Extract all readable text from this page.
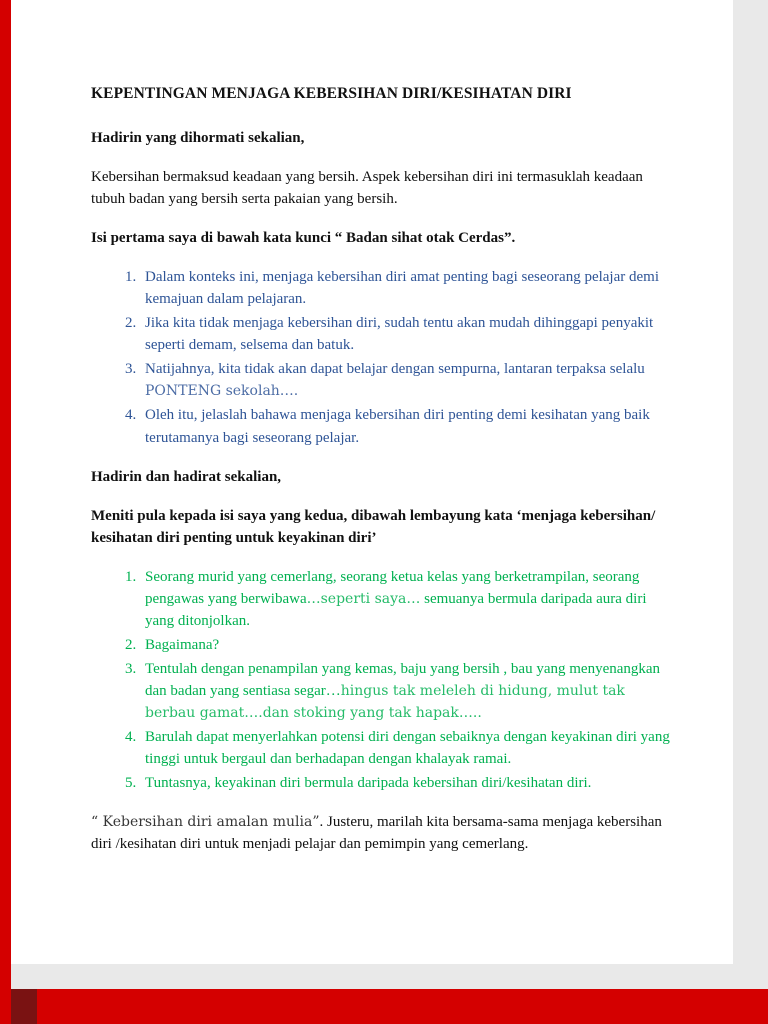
KEPENTINGAN MENJAGA KEBERSIHAN DIRI/KESIHATAN DIRI

Hadirin yang dihormati sekalian,

Kebersihan bermaksud keadaan yang bersih. Aspek kebersihan diri ini termasuklah keadaan tubuh badan yang bersih serta pakaian yang bersih.

Isi pertama saya di bawah kata kunci “ Badan sihat otak Cerdas”.

1. Dalam konteks ini, menjaga kebersihan diri amat penting bagi seseorang pelajar demi kemajuan dalam pelajaran.
2. Jika kita tidak menjaga kebersihan diri, sudah tentu akan mudah dihinggapi penyakit seperti demam, selsema dan batuk.
3. Natijahnya, kita tidak akan dapat belajar dengan sempurna, lantaran terpaksa selalu PONTENG sekolah….
4. Oleh itu, jelaslah bahawa menjaga kebersihan diri penting demi kesihatan yang baik terutamanya bagi seseorang pelajar.

Hadirin dan hadirat sekalian,

Meniti pula kepada isi saya yang kedua, dibawah lembayung kata ‘menjaga kebersihan/ kesihatan diri penting untuk keyakinan diri’

1. Seorang murid yang cemerlang, seorang ketua kelas yang berketrampilan, seorang pengawas yang berwibawa…seperti saya… semuanya bermula daripada aura diri yang ditonjolkan.
2. Bagaimana?
3. Tentulah dengan penampilan yang kemas, baju yang bersih , bau yang menyenangkan dan badan yang sentiasa segar…hingus tak meleleh di hidung, mulut tak berbau gamat….dan stoking yang tak hapak…..
4. Barulah dapat menyerlahkan potensi diri dengan sebaiknya dengan keyakinan diri yang tinggi untuk bergaul dan berhadapan dengan khalayak ramai.
5. Tuntasnya, keyakinan diri bermula daripada kebersihan diri/kesihatan diri.

“ Kebersihan diri amalan mulia”. Justeru, marilah kita bersama-sama menjaga kebersihan diri /kesihatan diri untuk menjadi pelajar dan pemimpin yang cemerlang.
